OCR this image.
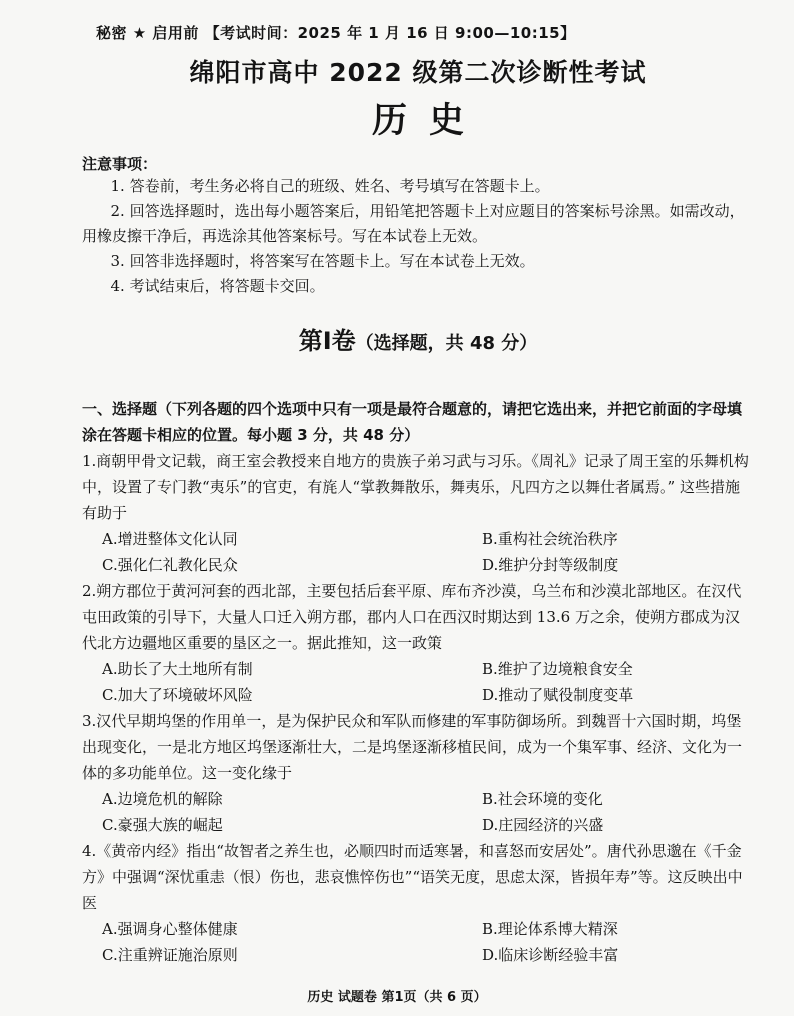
秘密 ★ 启用前 【考试时间：2025 年 1 月 16 日 9:00—10:15】
绵阳市高中 2022 级第二次诊断性考试
历史
注意事项：
1. 答卷前，考生务必将自己的班级、姓名、考号填写在答题卡上。
2. 回答选择题时，选出每小题答案后，用铅笔把答题卡上对应题目的答案标号涂黑。如需改动，用橡皮擦干净后，再选涂其他答案标号。写在本试卷上无效。
3. 回答非选择题时，将答案写在答题卡上。写在本试卷上无效。
4. 考试结束后，将答题卡交回。
第Ⅰ卷（选择题，共 48 分）
一、选择题（下列各题的四个选项中只有一项是最符合题意的，请把它选出来，并把它前面的字母填涂在答题卡相应的位置。每小题 3 分，共 48 分）
1.商朝甲骨文记载，商王室会教授来自地方的贵族子弟习武与习乐。《周礼》记录了周王室的乐舞机构中，设置了专门教“夷乐”的官吏，有旄人“掌教舞散乐，舞夷乐，凡四方之以舞仕者属焉。” 这些措施有助于
A.增进整体文化认同	B.重构社会统治秩序
C.强化仁礼教化民众	D.维护分封等级制度
2.朔方郡位于黄河河套的西北部，主要包括后套平原、库布齐沙漠，乌兰布和沙漠北部地区。在汉代屯田政策的引导下，大量人口迁入朔方郡，郡内人口在西汉时期达到 13.6 万之余，使朔方郡成为汉代北方边疆地区重要的垦区之一。据此推知，这一政策
A.助长了大土地所有制	B.维护了边境粮食安全
C.加大了环境破坏风险	D.推动了赋役制度变革
3.汉代早期坞堡的作用单一，是为保护民众和军队而修建的军事防御场所。到魏晋十六国时期，坞堡出现变化，一是北方地区坞堡逐渐壮大，二是坞堡逐渐移植民间，成为一个集军事、经济、文化为一体的多功能单位。这一变化缘于
A.边境危机的解除	B.社会环境的变化
C.豪强大族的崛起	D.庄园经济的兴盛
4.《黄帝内经》指出“故智者之养生也，必顺四时而适寒暑，和喜怒而安居处”。唐代孙思邈在《千金方》中强调“深忧重恚（恨）伤也，悲哀憔悴伤也”“语笑无度，思虑太深，皆损年寿”等。这反映出中医
A.强调身心整体健康	B.理论体系博大精深
C.注重辨证施治原则	D.临床诊断经验丰富
历史 试题卷 第1页（共 6 页）
